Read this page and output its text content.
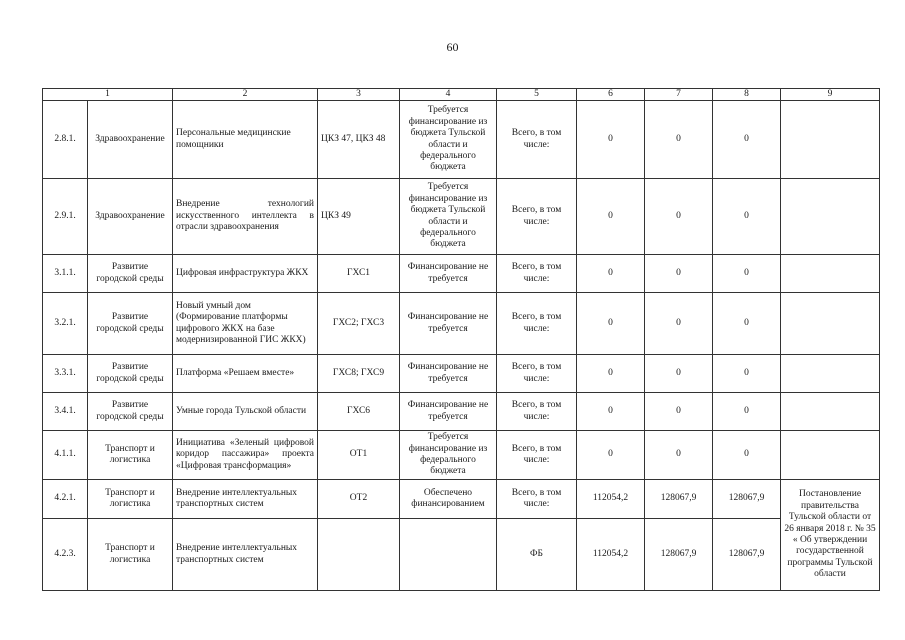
60
1		2	3	4	5	6	7	8	9
2.8.1.	Здравоохранение	Персональные медицинские помощники	ЦКЗ 47, ЦКЗ 48	Требуется финансирование из бюджета Тульской области и федерального бюджета	Всего, в том числе:	0	0	0	
2.9.1.	Здравоохранение	Внедрение технологий искусственного интеллекта в отрасли здравоохранения	ЦКЗ 49	Требуется финансирование из бюджета Тульской области и федерального бюджета	Всего, в том числе:	0	0	0	
3.1.1.	Развитие городской среды	Цифровая инфраструктура ЖКХ	ГХС1	Финансирование не требуется	Всего, в том числе:	0	0	0	
3.2.1.	Развитие городской среды	Новый умный дом (Формирование платформы цифрового ЖКХ на базе модернизированной ГИС ЖКХ)	ГХС2; ГХС3	Финансирование не требуется	Всего, в том числе:	0	0	0	
3.3.1.	Развитие городской среды	Платформа «Решаем вместе»	ГХС8; ГХС9	Финансирование не требуется	Всего, в том числе:	0	0	0	
3.4.1.	Развитие городской среды	Умные города Тульской области	ГХС6	Финансирование не требуется	Всего, в том числе:	0	0	0	
4.1.1.	Транспорт и логистика	Инициатива «Зеленый цифровой коридор пассажира» проекта «Цифровая трансформация»	ОТ1	Требуется финансирование из федерального бюджета	Всего, в том числе:	0	0	0	
4.2.1.	Транспорт и логистика	Внедрение интеллектуальных транспортных систем	ОТ2	Обеспечено финансированием	Всего, в том числе:	112054,2	128067,9	128067,9	Постановление правительства Тульской области от 26 января 2018 г. № 35 « Об утверждении государственной программы Тульской области
4.2.3.	Транспорт и логистика	Внедрение интеллектуальных транспортных систем			ФБ	112054,2	128067,9	128067,9	
